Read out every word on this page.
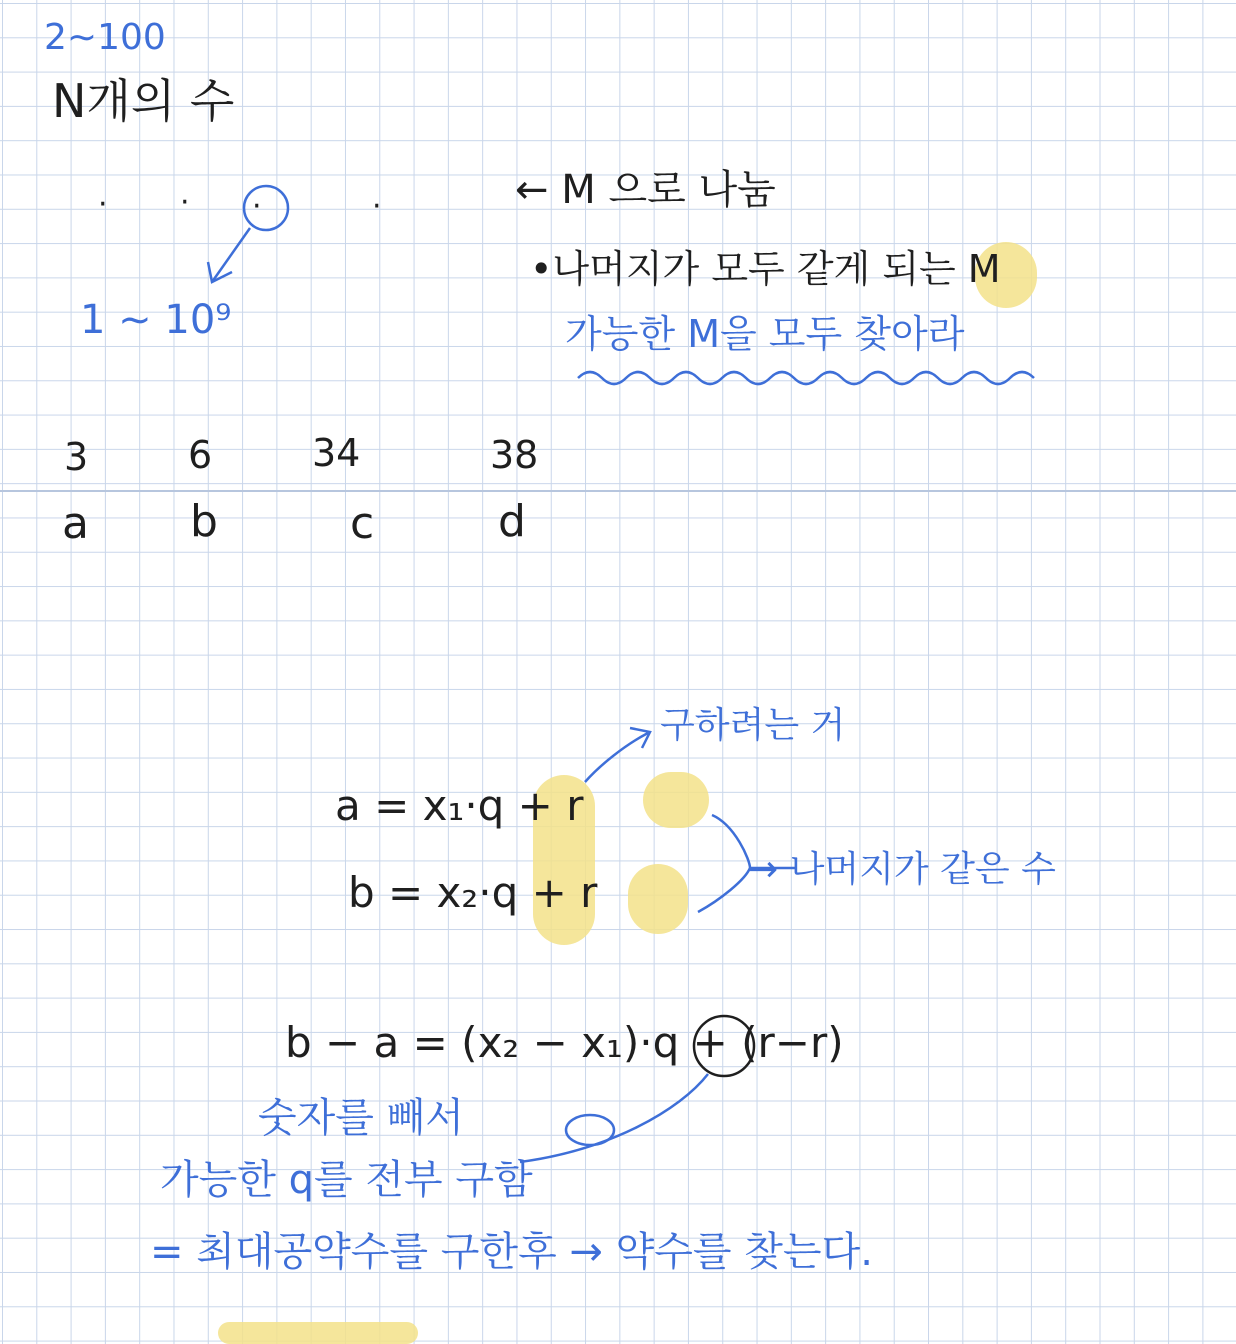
2∼100
N개의 수
· · ·	·
1 ∼ 10⁹
← M 으로 나눔
•나머지가 모두 같게 되는 M
가능한 M을 모두 찾아라
3	6	34	38
a b	c	d
구하려는 거
a = x₁·q + r
b = x₂·q + r	→ 나머지가 같은 수
b − a = (x₂ − x₁)·q + (r−r)
숫자를 빼서
가능한 q를 전부 구함
= 최대공약수를 구한후 → 약수를 찾는다.
